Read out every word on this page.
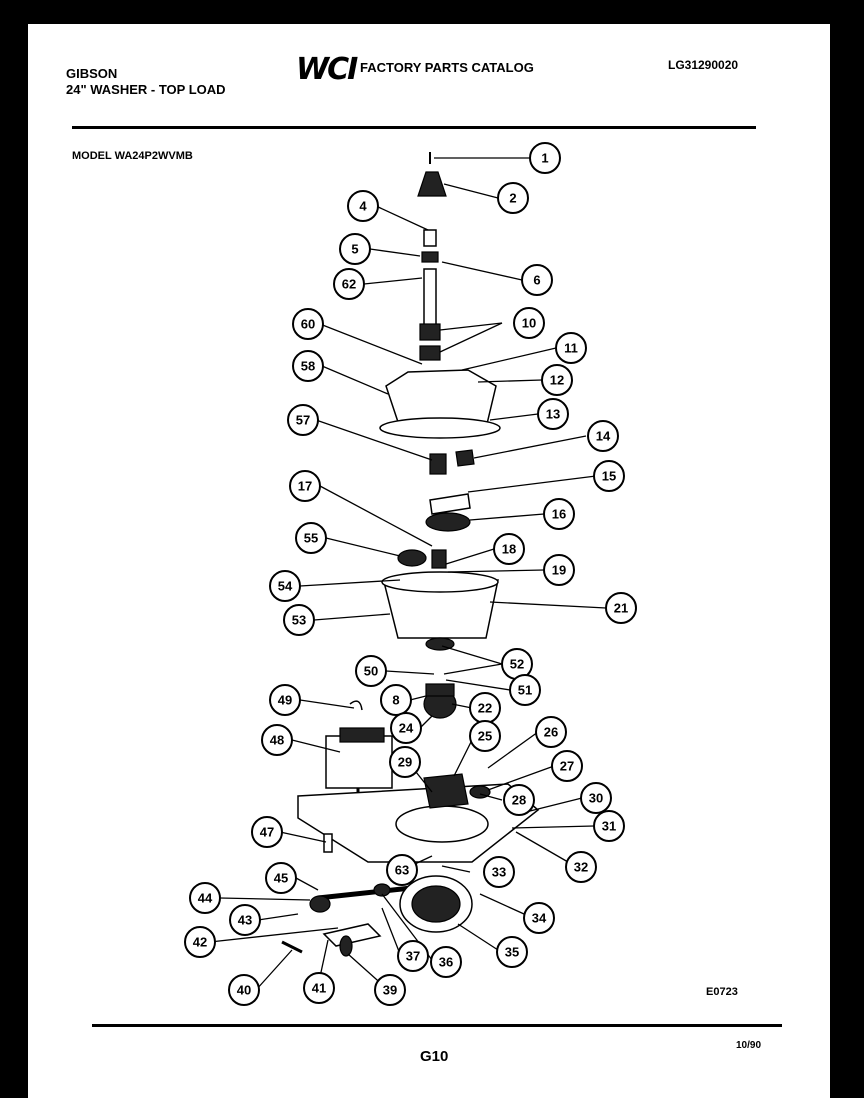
GIBSON
24" WASHER - TOP LOAD
WCI FACTORY PARTS CATALOG	LG31290020
MODEL WA24P2WVMB	1
2
4
5
6
62
10
60
11
58
12
13
57
14
15
17
16
55
18
19
54
21
53
52
50
51
8
22
49
24
25	26
48
29	27
28	30
31
47
32
63	33
45
44
34
43
42
37 36
35
40	41	39	E0723
G10
10/90
